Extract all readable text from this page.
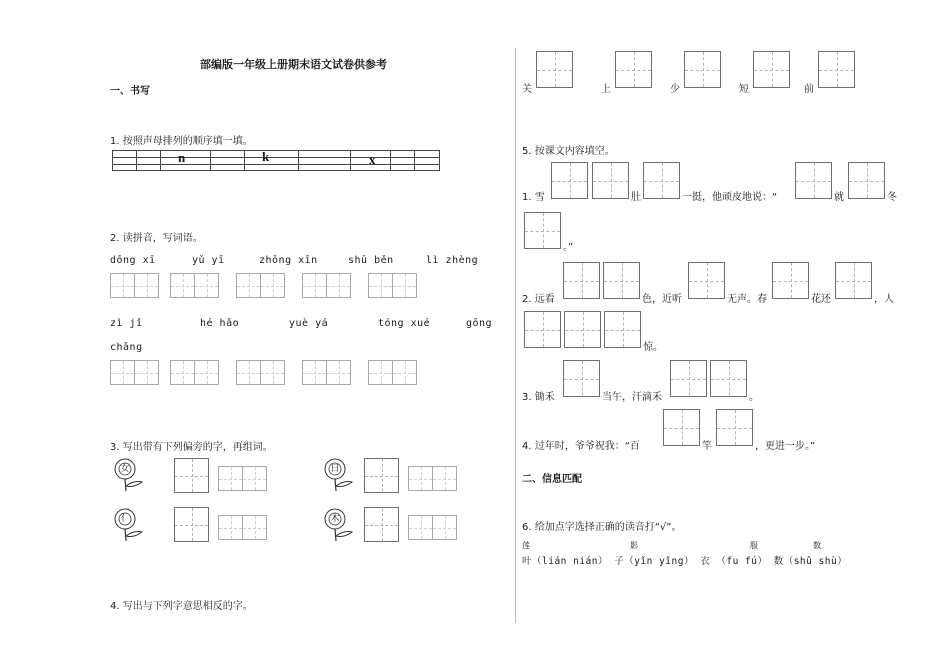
部编版一年级上册期末语文试卷供参考
一、书写
1. 按照声母排列的顺序填一填。
n	k	x
2. 读拼音，写词语。
dōng xī	yǔ yī	zhōng xīn	shū běn	lì zhèng
zì jǐ	hé hǎo	yuè yá	tóng xué	gōng
chǎng
3. 写出带有下列偏旁的字，再组词。
女	日
亻	木
4. 写出与下列字意思相反的字。
关	上	少	短	前
5. 按课文内容填空。
1. 雪	肚	一挺，他顽皮地说：“	就	冬
。”
2. 远看	色，近听	无声。春	花还	，人
惊。
3. 锄禾	当午，汗滴禾	。
4. 过年时，爷爷祝我：“百	竿	，更进一步。”
二、信息匹配
6. 给加点字选择正确的读音打“√”。
莲	影	服	数
叶（lián nián） 子（yǐn yǐng） 衣 （fu fú） 数（shǔ shù）
